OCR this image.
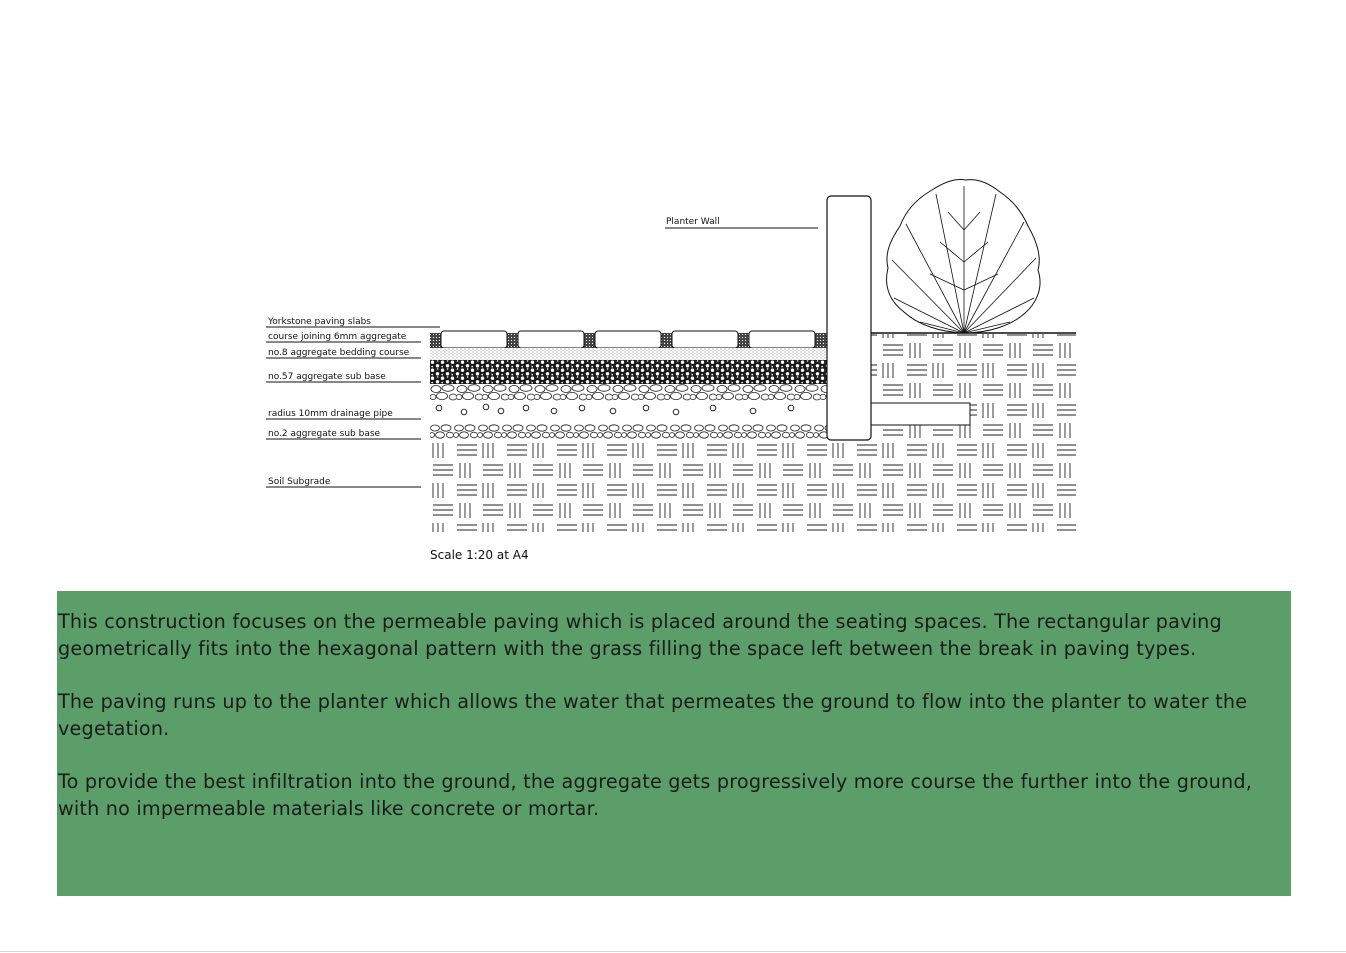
Planter Wall
Yorkstone paving slabs
course joining 6mm aggregate
no.8 aggregate bedding course
no.57 aggregate sub base
radius 10mm drainage pipe
no.2 aggregate sub base
Soil Subgrade
Scale 1:20 at A4

This construction focuses on the permeable paving which is placed around the seating spaces. The rectangular paving geometrically fits into the hexagonal pattern with the grass filling the space left between the break in paving types.

The paving runs up to the planter which allows the water that permeates the ground to flow into the planter to water the vegetation.

To provide the best infiltration into the ground, the aggregate gets progressively more course the further into the ground, with no impermeable materials like concrete or mortar.
